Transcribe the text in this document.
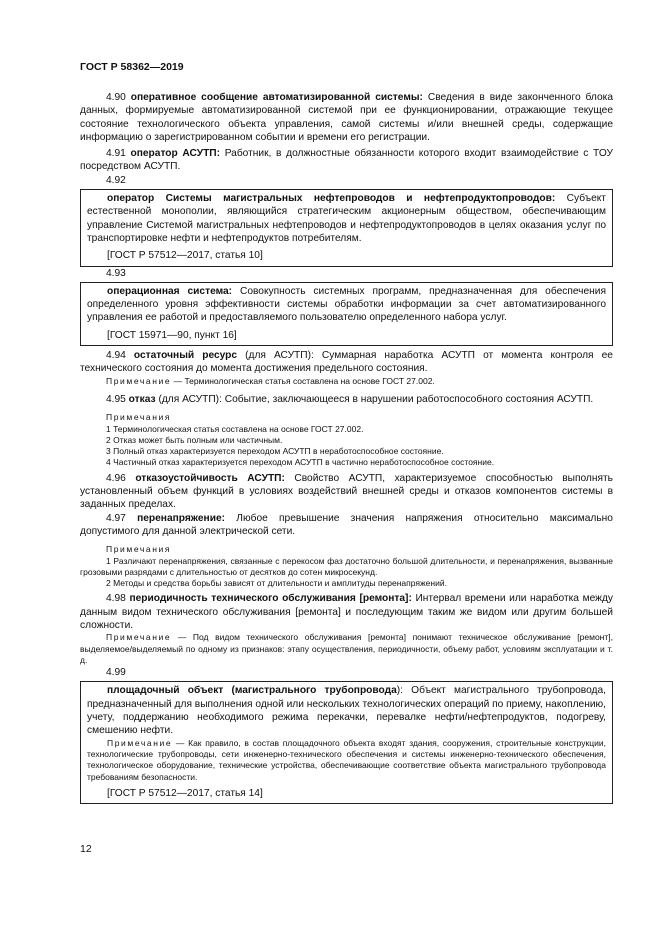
ГОСТ Р 58362—2019

4.90 оперативное сообщение автоматизированной системы: Сведения в виде законченного блока данных, формируемые автоматизированной системой при ее функционировании, отражающие текущее состояние технологического объекта управления, самой системы и/или внешней среды, содержащие информацию о зарегистрированном событии и времени его регистрации.

4.91 оператор АСУТП: Работник, в должностные обязанности которого входит взаимодействие с ТОУ посредством АСУТП.

4.92

оператор Системы магистральных нефтепроводов и нефтепродуктопроводов: Субъект естественной монополии, являющийся стратегическим акционерным обществом, обеспечивающим управление Системой магистральных нефтепроводов и нефтепродуктопроводов в целях оказания услуг по транспортировке нефти и нефтепродуктов потребителям.

[ГОСТ Р 57512—2017, статья 10]

4.93

операционная система: Совокупность системных программ, предназначенная для обеспечения определенного уровня эффективности системы обработки информации за счет автоматизированного управления ее работой и предоставляемого пользователю определенного набора услуг.

[ГОСТ 15971—90, пункт 16]

4.94 остаточный ресурс (для АСУТП): Суммарная наработка АСУТП от момента контроля ее технического состояния до момента достижения предельного состояния.

Примечание — Терминологическая статья составлена на основе ГОСТ 27.002.

4.95 отказ (для АСУТП): Событие, заключающееся в нарушении работоспособного состояния АСУТП.

Примечания

1 Терминологическая статья составлена на основе ГОСТ 27.002.

2 Отказ может быть полным или частичным.

3 Полный отказ характеризуется переходом АСУТП в неработоспособное состояние.

4 Частичный отказ характеризуется переходом АСУТП в частично неработоспособное состояние.

4.96 отказоустойчивость АСУТП: Свойство АСУТП, характеризуемое способностью выполнять установленный объем функций в условиях воздействий внешней среды и отказов компонентов системы в заданных пределах.

4.97 перенапряжение: Любое превышение значения напряжения относительно максимально допустимого для данной электрической сети.

Примечания

1 Различают перенапряжения, связанные с перекосом фаз достаточно большой длительности, и перенапряжения, вызванные грозовыми разрядами с длительностью от десятков до сотен микросекунд.

2 Методы и средства борьбы зависят от длительности и амплитуды перенапряжений.

4.98 периодичность технического обслуживания [ремонта]: Интервал времени или наработка между данным видом технического обслуживания [ремонта] и последующим таким же видом или другим большей сложности.

Примечание — Под видом технического обслуживания [ремонта] понимают техническое обслуживание [ремонт], выделяемое/выделяемый по одному из признаков: этапу осуществления, периодичности, объему работ, условиям эксплуатации и т. д.

4.99

площадочный объект (магистрального трубопровода): Объект магистрального трубопровода, предназначенный для выполнения одной или нескольких технологических операций по приему, накоплению, учету, поддержанию необходимого режима перекачки, перевалке нефти/нефтепродуктов, подогреву, смешению нефти.

Примечание — Как правило, в состав площадочного объекта входят здания, сооружения, строительные конструкции, технологические трубопроводы, сети инженерно-технического обеспечения и системы инженерно-технического обеспечения, технологическое оборудование, технические устройства, обеспечивающие соответствие объекта магистрального трубопровода требованиям безопасности.

[ГОСТ Р 57512—2017, статья 14]
12
